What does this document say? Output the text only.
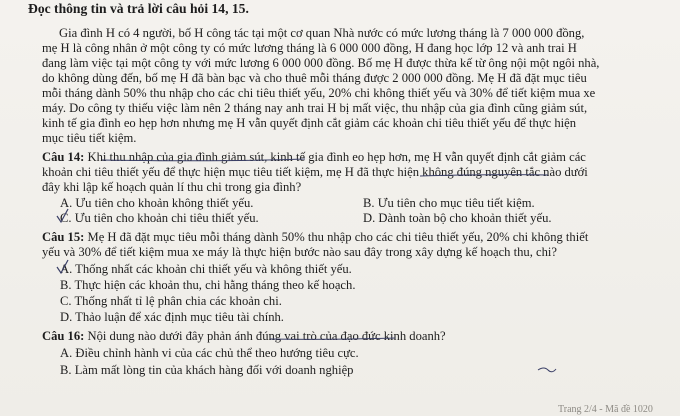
Đọc thông tin và trả lời câu hỏi 14, 15.
Gia đình H có 4 người, bố H công tác tại một cơ quan Nhà nước có mức lương tháng là 7 000 000 đồng,
mẹ H là công nhân ở một công ty có mức lương tháng là 6 000 000 đồng, H đang học lớp 12 và anh trai H
đang làm việc tại một công ty với mức lương 6 000 000 đồng. Bố mẹ H được thừa kế từ ông nội một ngôi nhà,
do không dùng đến, bố mẹ H đã bàn bạc và cho thuê mỗi tháng được 2 000 000 đồng. Mẹ H đã đặt mục tiêu
mỗi tháng dành 50% thu nhập cho các chi tiêu thiết yếu, 20% chi không thiết yếu và 30% để tiết kiệm mua xe
máy. Do công ty thiếu việc làm nên 2 tháng nay anh trai H bị mất việc, thu nhập của gia đình cũng giảm sút,
kinh tế gia đình eo hẹp hơn nhưng mẹ H vẫn quyết định cắt giảm các khoản chi tiêu thiết yếu để thực hiện
mục tiêu tiết kiệm.
Câu 14: Khi thu nhập của gia đình giảm sút, kinh tế gia đình eo hẹp hơn, mẹ H vẫn quyết định cắt giảm các
khoản chi tiêu thiết yếu để thực hiện mục tiêu tiết kiệm, mẹ H đã thực hiện không đúng nguyên tắc nào dưới
đây khi lập kế hoạch quản lí thu chi trong gia đình?
A. Ưu tiên cho khoản không thiết yếu.	B. Ưu tiên cho mục tiêu tiết kiệm.
C. Ưu tiên cho khoản chi tiêu thiết yếu.	D. Dành toàn bộ cho khoản thiết yếu.
Câu 15: Mẹ H đã đặt mục tiêu mỗi tháng dành 50% thu nhập cho các chi tiêu thiết yếu, 20% chi không thiết
yếu và 30% để tiết kiệm mua xe máy là thực hiện bước nào sau đây trong xây dựng kế hoạch thu, chi?
A. Thống nhất các khoản chi thiết yếu và không thiết yếu.
B. Thực hiện các khoản thu, chi hằng tháng theo kế hoạch.
C. Thống nhất tỉ lệ phân chia các khoản chi.
D. Thảo luận để xác định mục tiêu tài chính.
Câu 16: Nội dung nào dưới đây phản ánh đúng vai trò của đạo đức kinh doanh?
A. Điều chỉnh hành vi của các chủ thể theo hướng tiêu cực.
B. Làm mất lòng tin của khách hàng đối với doanh nghiệp
Trang 2/4 - Mã đề 1020
